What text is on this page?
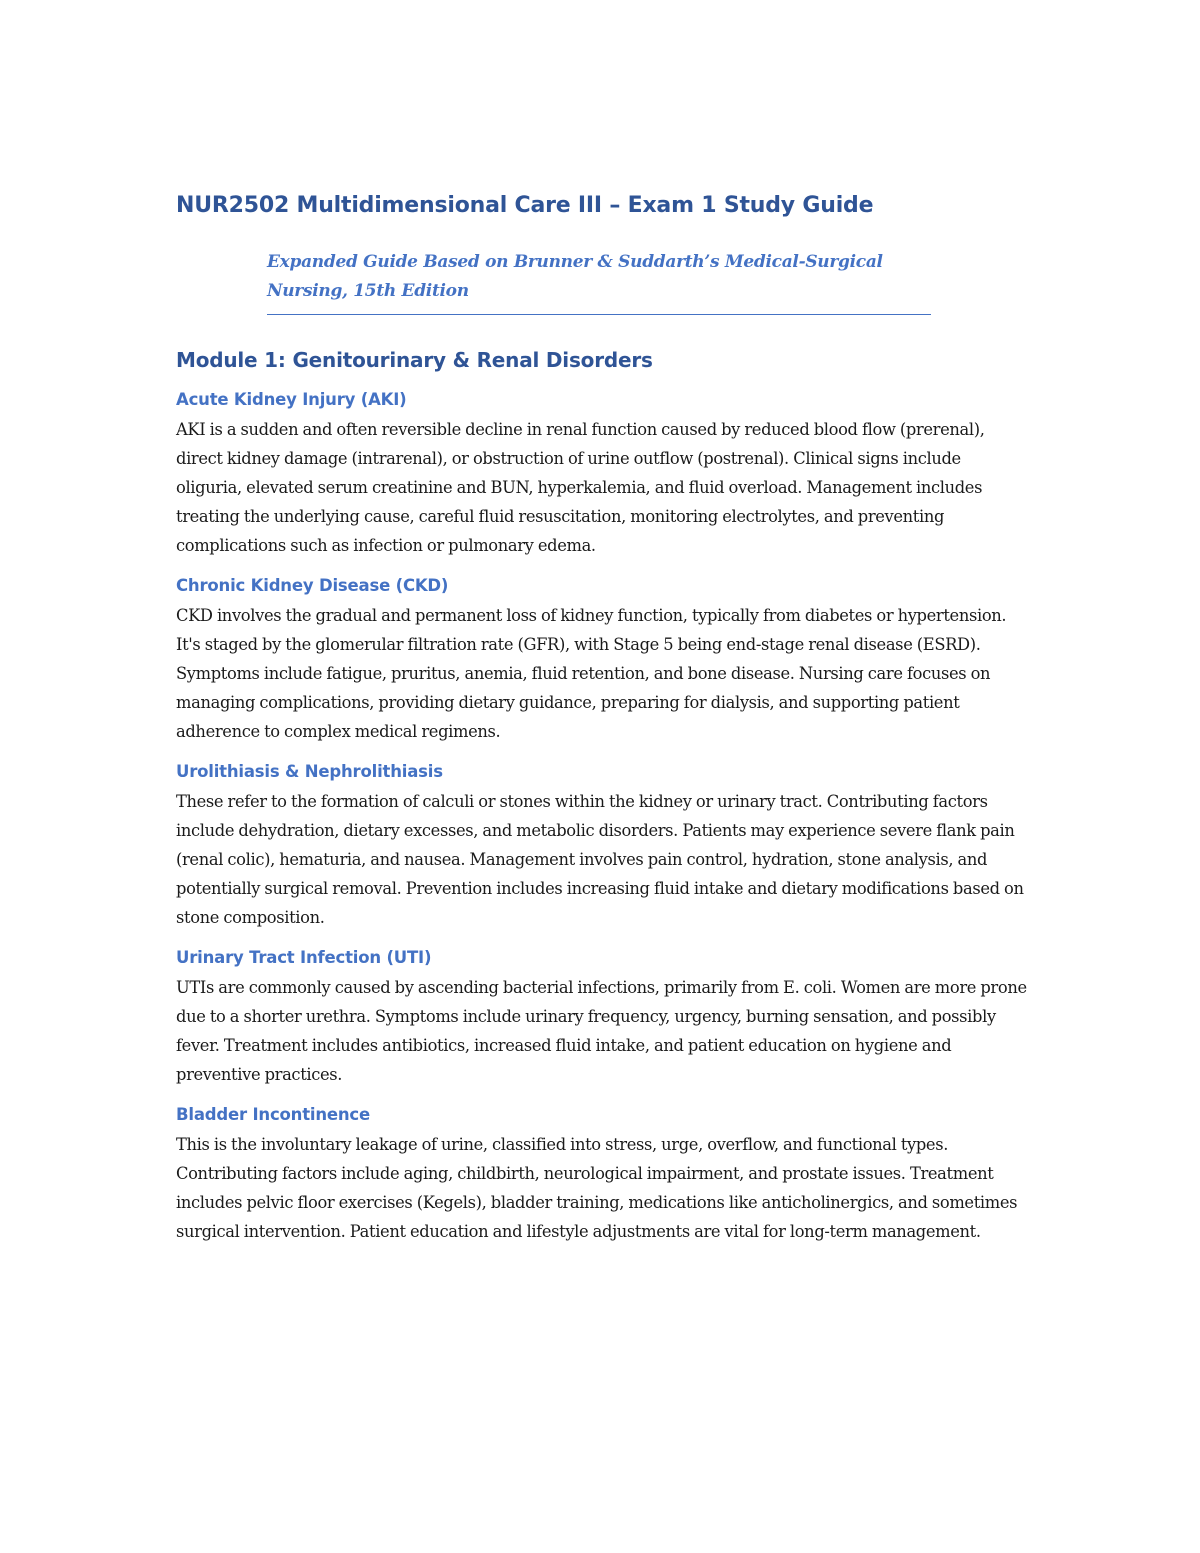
NUR2502 Multidimensional Care III – Exam 1 Study Guide

Expanded Guide Based on Brunner & Suddarth’s Medical-Surgical

Nursing, 15th Edition

Module 1: Genitourinary & Renal Disorders
Acute Kidney Injury (AKI)

AKI is a sudden and often reversible decline in renal function caused by reduced blood flow (prerenal), direct kidney damage (intrarenal), or obstruction of urine outflow (postrenal). Clinical signs include oliguria, elevated serum creatinine and BUN, hyperkalemia, and fluid overload. Management includes treating the underlying cause, careful fluid resuscitation, monitoring electrolytes, and preventing complications such as infection or pulmonary edema.

Chronic Kidney Disease (CKD)

CKD involves the gradual and permanent loss of kidney function, typically from diabetes or hypertension. It's staged by the glomerular filtration rate (GFR), with Stage 5 being end-stage renal disease (ESRD). Symptoms include fatigue, pruritus, anemia, fluid retention, and bone disease. Nursing care focuses on managing complications, providing dietary guidance, preparing for dialysis, and supporting patient adherence to complex medical regimens.

Urolithiasis & Nephrolithiasis

These refer to the formation of calculi or stones within the kidney or urinary tract. Contributing factors include dehydration, dietary excesses, and metabolic disorders. Patients may experience severe flank pain (renal colic), hematuria, and nausea. Management involves pain control, hydration, stone analysis, and potentially surgical removal. Prevention includes increasing fluid intake and dietary modifications based on stone composition.

Urinary Tract Infection (UTI)

UTIs are commonly caused by ascending bacterial infections, primarily from E. coli. Women are more prone due to a shorter urethra. Symptoms include urinary frequency, urgency, burning sensation, and possibly fever. Treatment includes antibiotics, increased fluid intake, and patient education on hygiene and preventive practices.

Bladder Incontinence

This is the involuntary leakage of urine, classified into stress, urge, overflow, and functional types. Contributing factors include aging, childbirth, neurological impairment, and prostate issues. Treatment includes pelvic floor exercises (Kegels), bladder training, medications like anticholinergics, and sometimes surgical intervention. Patient education and lifestyle adjustments are vital for long-term management.
